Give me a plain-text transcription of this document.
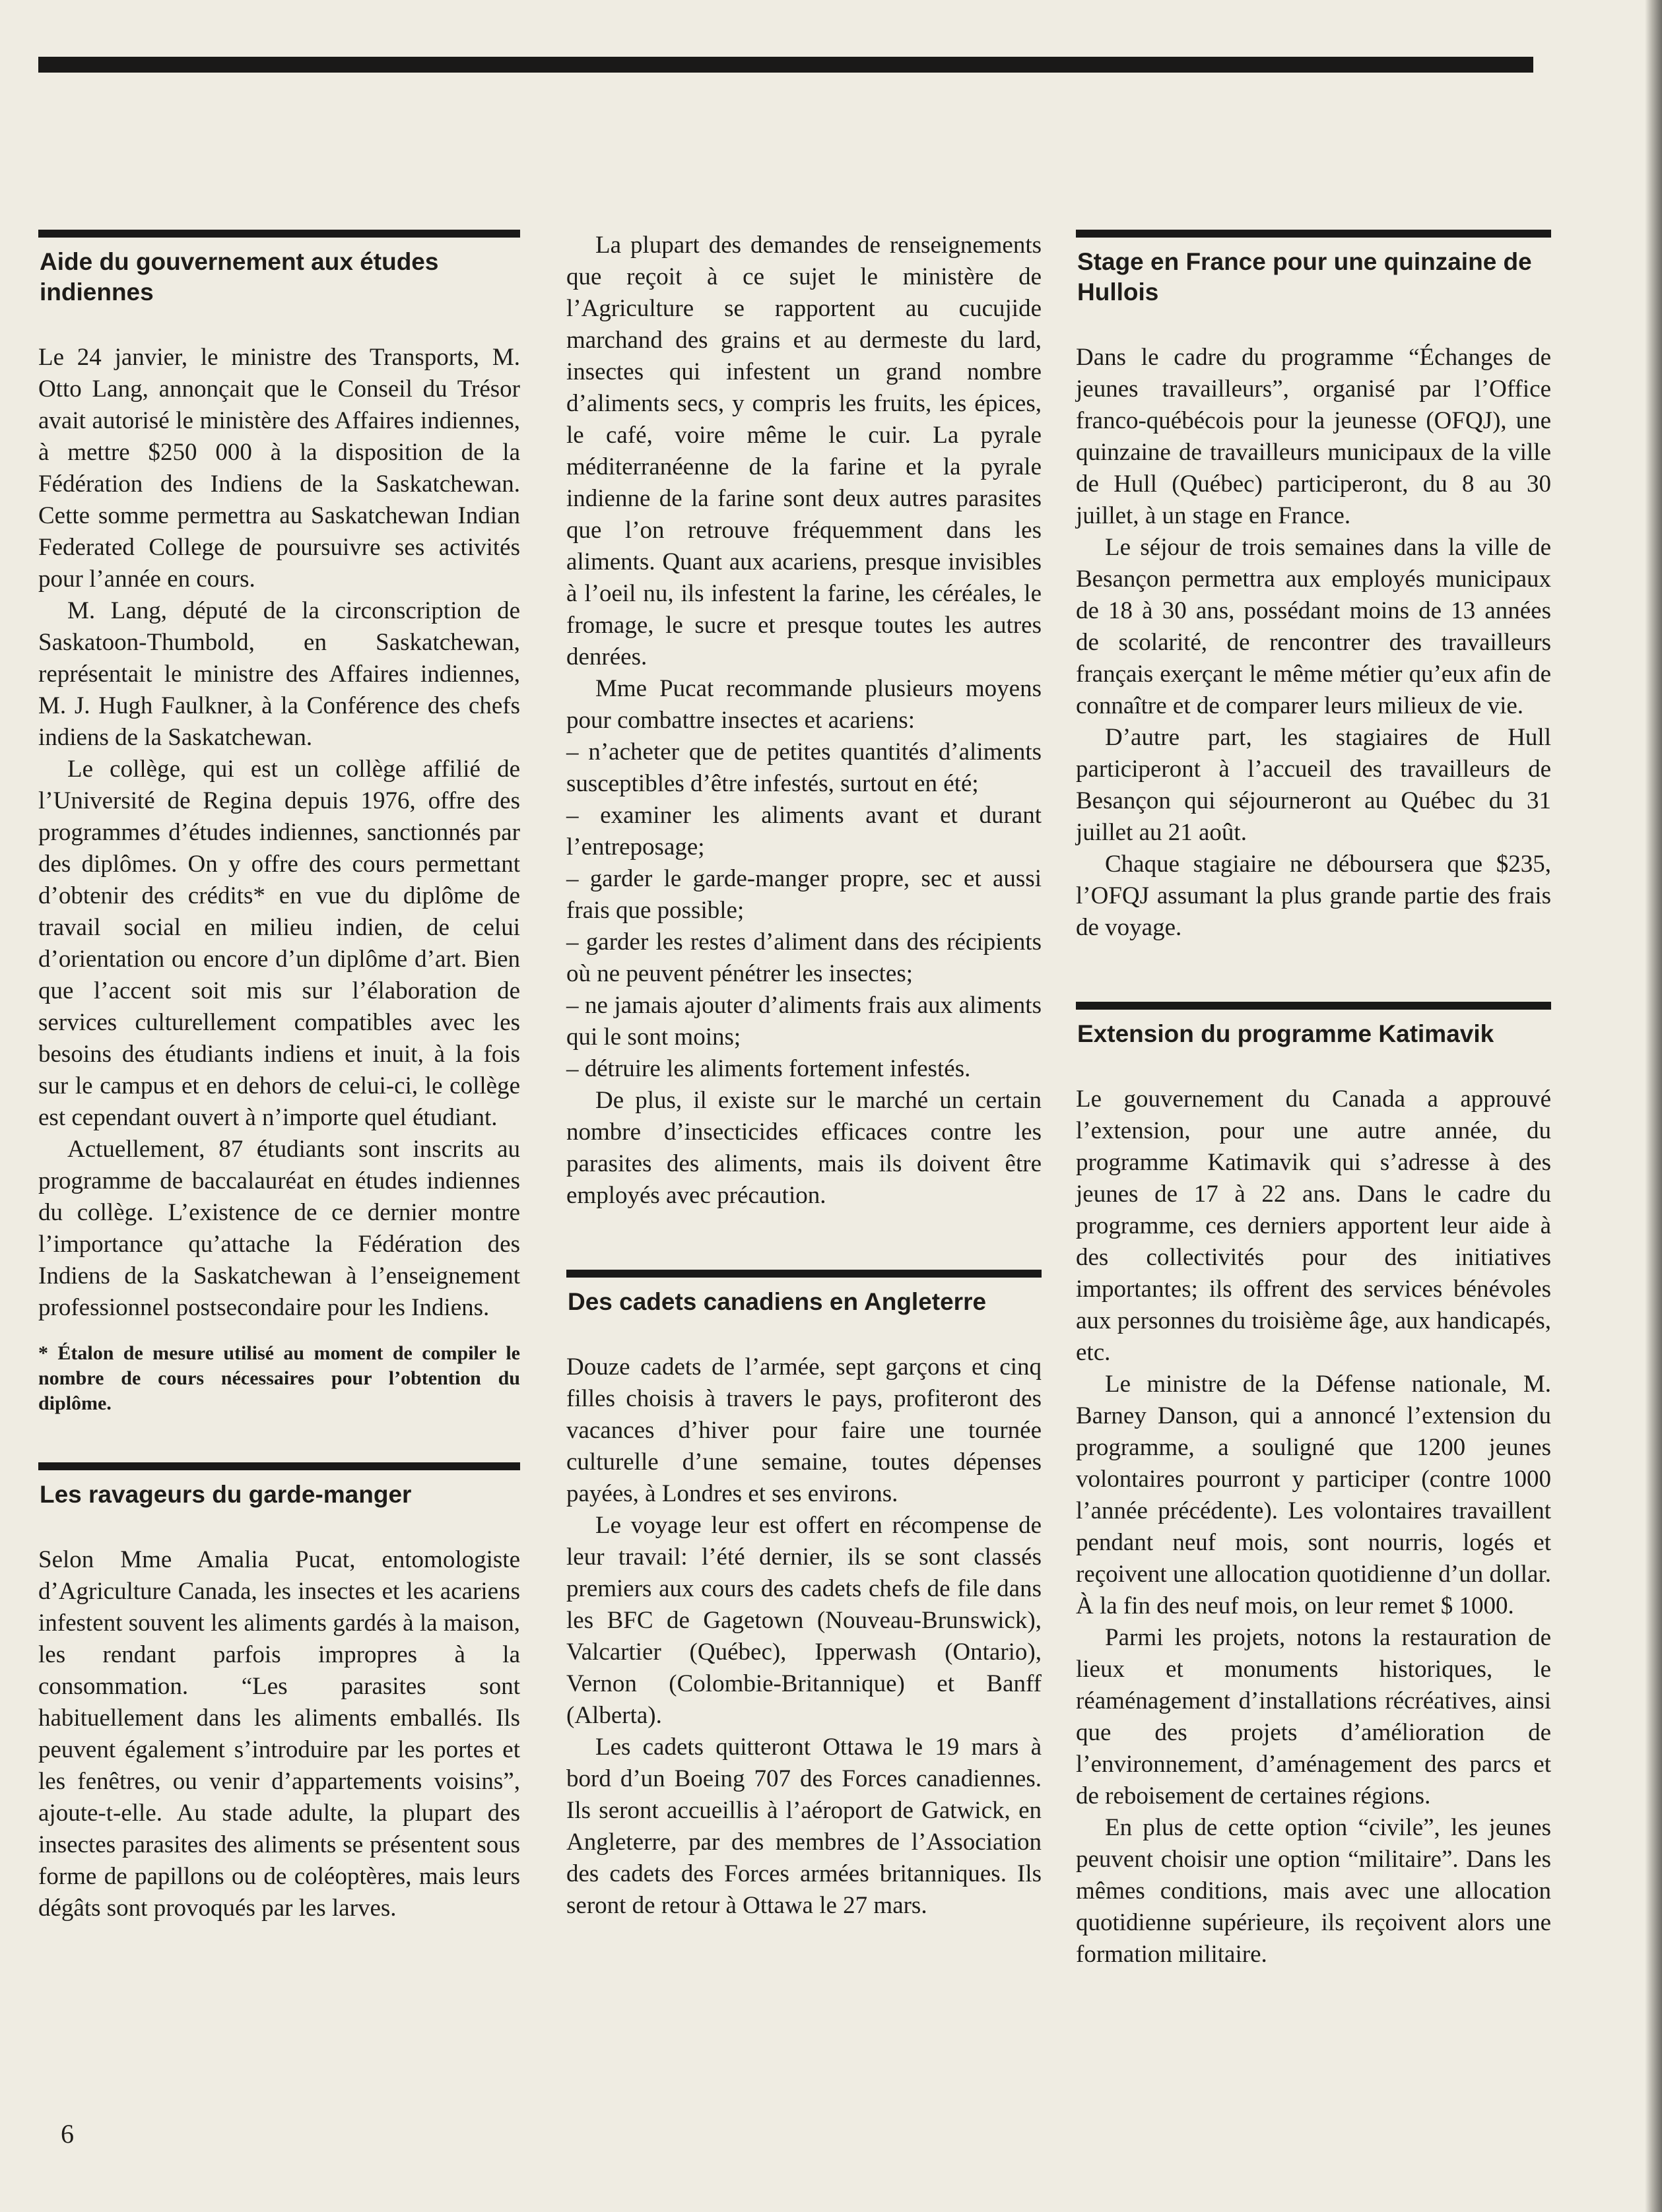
Aide du gouvernement aux études indiennes

Le 24 janvier, le ministre des Transports, M. Otto Lang, annonçait que le Conseil du Trésor avait autorisé le ministère des Affaires indiennes, à mettre $250 000 à la disposition de la Fédération des Indiens de la Saskatchewan. Cette somme permettra au Saskatchewan Indian Federated College de poursuivre ses activités pour l’année en cours.

M. Lang, député de la circonscription de Saskatoon-Thumbold, en Saskatchewan, représentait le ministre des Affaires indiennes, M. J. Hugh Faulkner, à la Conférence des chefs indiens de la Saskatchewan.

Le collège, qui est un collège affilié de l’Université de Regina depuis 1976, offre des programmes d’études indiennes, sanctionnés par des diplômes. On y offre des cours permettant d’obtenir des crédits* en vue du diplôme de travail social en milieu indien, de celui d’orientation ou encore d’un diplôme d’art. Bien que l’accent soit mis sur l’élaboration de services culturellement compatibles avec les besoins des étudiants indiens et inuit, à la fois sur le campus et en dehors de celui-ci, le collège est cependant ouvert à n’importe quel étudiant.

Actuellement, 87 étudiants sont inscrits au programme de baccalauréat en études indiennes du collège. L’existence de ce dernier montre l’importance qu’attache la Fédération des Indiens de la Saskatchewan à l’enseignement professionnel postsecondaire pour les Indiens.

* Étalon de mesure utilisé au moment de compiler le nombre de cours nécessaires pour l’obtention du diplôme.
Les ravageurs du garde-manger

Selon Mme Amalia Pucat, entomologiste d’Agriculture Canada, les insectes et les acariens infestent souvent les aliments gardés à la maison, les rendant parfois impropres à la consommation. “Les parasites sont habituellement dans les aliments emballés. Ils peuvent également s’introduire par les portes et les fenêtres, ou venir d’appartements voisins”, ajoute-t-elle. Au stade adulte, la plupart des insectes parasites des aliments se présentent sous forme de papillons ou de coléoptères, mais leurs dégâts sont provoqués par les larves.

La plupart des demandes de renseignements que reçoit à ce sujet le ministère de l’Agriculture se rapportent au cucujide marchand des grains et au dermeste du lard, insectes qui infestent un grand nombre d’aliments secs, y compris les fruits, les épices, le café, voire même le cuir. La pyrale méditerranéenne de la farine et la pyrale indienne de la farine sont deux autres parasites que l’on retrouve fréquemment dans les aliments. Quant aux acariens, presque invisibles à l’oeil nu, ils infestent la farine, les céréales, le fromage, le sucre et presque toutes les autres denrées.

Mme Pucat recommande plusieurs moyens pour combattre insectes et acariens:

– n’acheter que de petites quantités d’aliments susceptibles d’être infestés, surtout en été;

– examiner les aliments avant et durant l’entreposage;

– garder le garde-manger propre, sec et aussi frais que possible;

– garder les restes d’aliment dans des récipients où ne peuvent pénétrer les insectes;

– ne jamais ajouter d’aliments frais aux aliments qui le sont moins;

– détruire les aliments fortement infestés.

De plus, il existe sur le marché un certain nombre d’insecticides efficaces contre les parasites des aliments, mais ils doivent être employés avec précaution.

Des cadets canadiens en Angleterre

Douze cadets de l’armée, sept garçons et cinq filles choisis à travers le pays, profiteront des vacances d’hiver pour faire une tournée culturelle d’une semaine, toutes dépenses payées, à Londres et ses environs.

Le voyage leur est offert en récompense de leur travail: l’été dernier, ils se sont classés premiers aux cours des cadets chefs de file dans les BFC de Gagetown (Nouveau-Brunswick), Valcartier (Québec), Ipperwash (Ontario), Vernon (Colombie-Britannique) et Banff (Alberta).

Les cadets quitteront Ottawa le 19 mars à bord d’un Boeing 707 des Forces canadiennes. Ils seront accueillis à l’aéroport de Gatwick, en Angleterre, par des membres de l’Association des cadets des Forces armées britanniques. Ils seront de retour à Ottawa le 27 mars.

Stage en France pour une quinzaine de Hullois

Dans le cadre du programme “Échanges de jeunes travailleurs”, organisé par l’Office franco-québécois pour la jeunesse (OFQJ), une quinzaine de travailleurs municipaux de la ville de Hull (Québec) participeront, du 8 au 30 juillet, à un stage en France.

Le séjour de trois semaines dans la ville de Besançon permettra aux employés municipaux de 18 à 30 ans, possédant moins de 13 années de scolarité, de rencontrer des travailleurs français exerçant le même métier qu’eux afin de connaître et de comparer leurs milieux de vie.

D’autre part, les stagiaires de Hull participeront à l’accueil des travailleurs de Besançon qui séjourneront au Québec du 31 juillet au 21 août.

Chaque stagiaire ne déboursera que $235, l’OFQJ assumant la plus grande partie des frais de voyage.

Extension du programme Katimavik

Le gouvernement du Canada a approuvé l’extension, pour une autre année, du programme Katimavik qui s’adresse à des jeunes de 17 à 22 ans. Dans le cadre du programme, ces derniers apportent leur aide à des collectivités pour des initiatives importantes; ils offrent des services bénévoles aux personnes du troisième âge, aux handicapés, etc.

Le ministre de la Défense nationale, M. Barney Danson, qui a annoncé l’extension du programme, a souligné que 1200 jeunes volontaires pourront y participer (contre 1000 l’année précédente). Les volontaires travaillent pendant neuf mois, sont nourris, logés et reçoivent une allocation quotidienne d’un dollar. À la fin des neuf mois, on leur remet $ 1000.

Parmi les projets, notons la restauration de lieux et monuments historiques, le réaménagement d’installations récréatives, ainsi que des projets d’amélioration de l’environnement, d’aménagement des parcs et de reboisement de certaines régions.

En plus de cette option “civile”, les jeunes peuvent choisir une option “militaire”. Dans les mêmes conditions, mais avec une allocation quotidienne supérieure, ils reçoivent alors une formation militaire.

6
